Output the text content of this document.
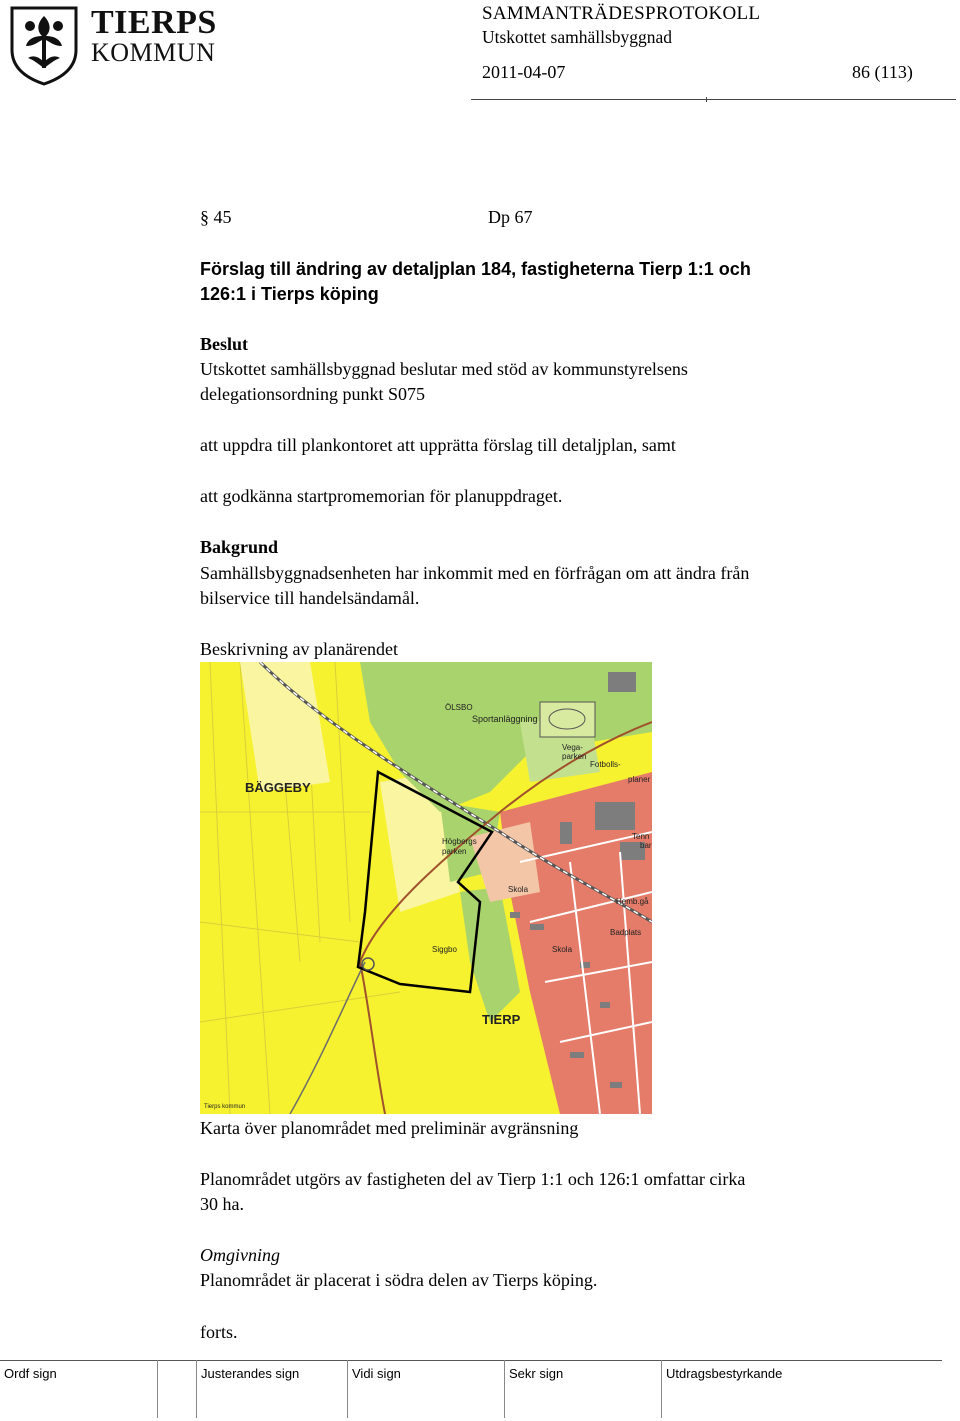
TIERPS
KOMMUN
SAMMANTRÄDESPROTOKOLL
Utskottet samhällsbyggnad
2011-04-07	86 (113)
§ 45	Dp 67
Förslag till ändring av detaljplan 184, fastigheterna Tierp 1:1 och
126:1 i Tierps köping
Beslut
Utskottet samhällsbyggnad beslutar med stöd av kommunstyrelsens
delegationsordning punkt S075
att uppdra till plankontoret att upprätta förslag till detaljplan, samt
att godkänna startpromemorian för planuppdraget.
Bakgrund
Samhällsbyggnadsenheten har inkommit med en förfrågan om att ändra från
bilservice till handelsändamål.
Beskrivning av planärendet
ÖLSBO
Sportanläggning
Vega-
parken
Fotbolls-
planer
BÄGGEBY
Högbergs
parken
Tenn
bar
Skola
Hemb.gå
Badplats
Skola
Siggbo
TIERP
Tierps kommun
Karta över planområdet med preliminär avgränsning
Planområdet utgörs av fastigheten del av Tierp 1:1 och 126:1 omfattar cirka
30 ha.
Omgivning
Planområdet är placerat i södra delen av Tierps köping.
forts.
Ordf sign	Justerandes sign	Vidi sign	Sekr sign	Utdragsbestyrkande
